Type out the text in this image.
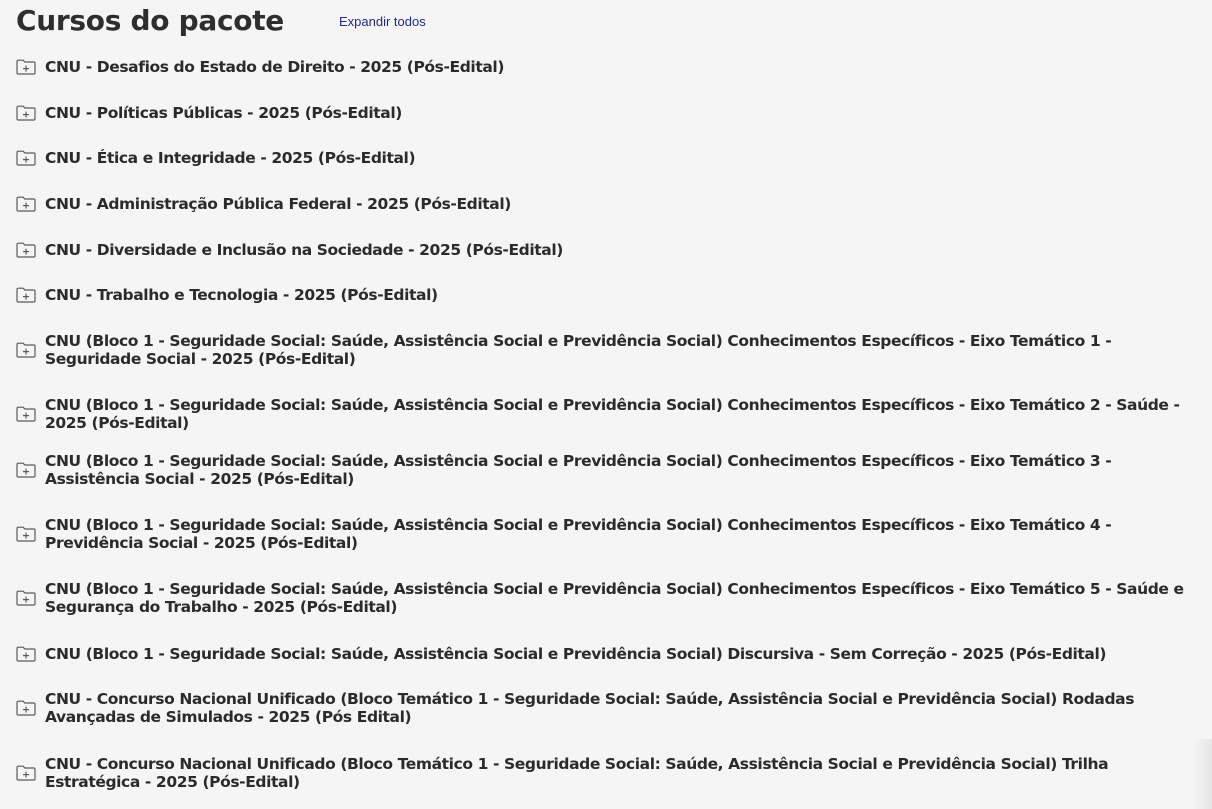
Cursos do pacote	Expandir todos
CNU - Desafios do Estado de Direito - 2025 (Pós-Edital)
CNU - Políticas Públicas - 2025 (Pós-Edital)
CNU - Ética e Integridade - 2025 (Pós-Edital)
CNU - Administração Pública Federal - 2025 (Pós-Edital)
CNU - Diversidade e Inclusão na Sociedade - 2025 (Pós-Edital)
CNU - Trabalho e Tecnologia - 2025 (Pós-Edital)
CNU (Bloco 1 - Seguridade Social: Saúde, Assistência Social e Previdência Social) Conhecimentos Específicos - Eixo Temático 1 - Seguridade Social - 2025 (Pós-Edital)
CNU (Bloco 1 - Seguridade Social: Saúde, Assistência Social e Previdência Social) Conhecimentos Específicos - Eixo Temático 2 - Saúde - 2025 (Pós-Edital)
CNU (Bloco 1 - Seguridade Social: Saúde, Assistência Social e Previdência Social) Conhecimentos Específicos - Eixo Temático 3 - Assistência Social - 2025 (Pós-Edital)
CNU (Bloco 1 - Seguridade Social: Saúde, Assistência Social e Previdência Social) Conhecimentos Específicos - Eixo Temático 4 - Previdência Social - 2025 (Pós-Edital)
CNU (Bloco 1 - Seguridade Social: Saúde, Assistência Social e Previdência Social) Conhecimentos Específicos - Eixo Temático 5 - Saúde e Segurança do Trabalho - 2025 (Pós-Edital)
CNU (Bloco 1 - Seguridade Social: Saúde, Assistência Social e Previdência Social) Discursiva - Sem Correção - 2025 (Pós-Edital)
CNU - Concurso Nacional Unificado (Bloco Temático 1 - Seguridade Social: Saúde, Assistência Social e Previdência Social) Rodadas Avançadas de Simulados - 2025 (Pós Edital)
CNU - Concurso Nacional Unificado (Bloco Temático 1 - Seguridade Social: Saúde, Assistência Social e Previdência Social) Trilha Estratégica - 2025 (Pós-Edital)
